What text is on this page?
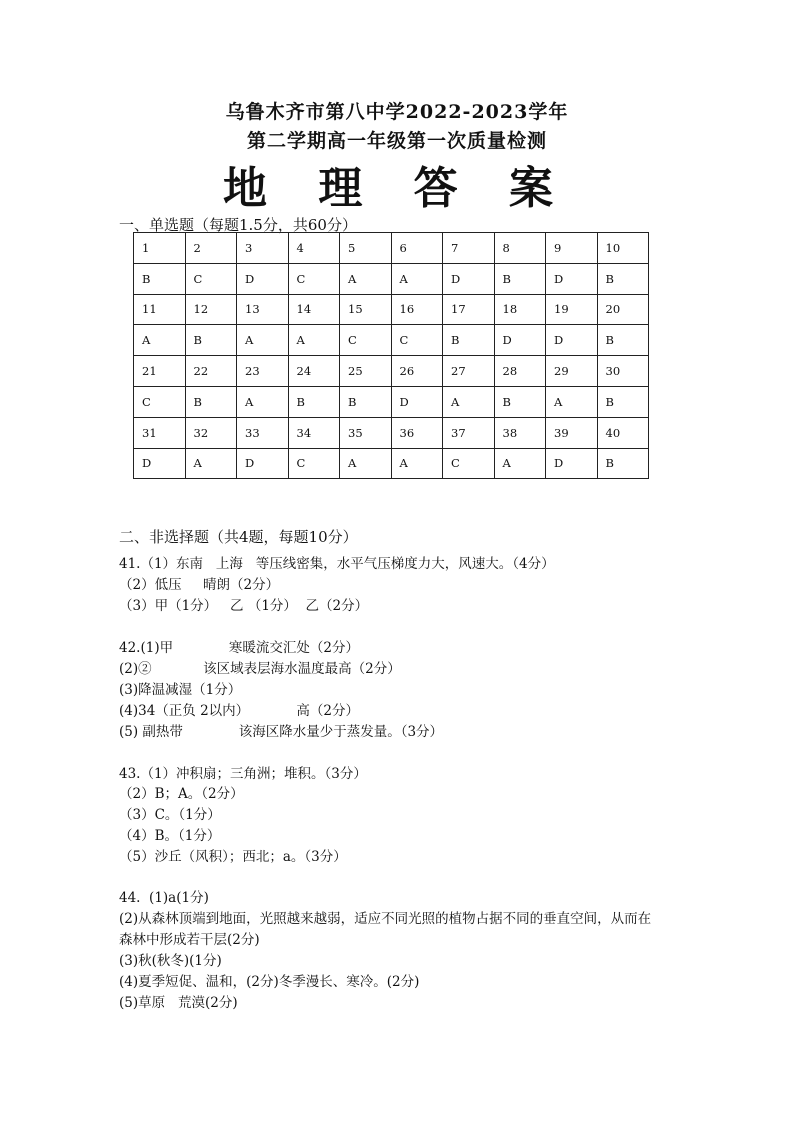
乌鲁木齐市第八中学2022-2023学年
第二学期高一年级第一次质量检测
地 理 答 案
一、单选题（每题1.5分，共60分）
1	2	3	4	5	6	7	8	9	10
B	C	D	C	A	A	D	B	D	B
11	12	13	14	15	16	17	18	19	20
A	B	A	A	C	C	B	D	D	B
21	22	23	24	25	26	27	28	29	30
C	B	A	B	B	D	A	B	A	B
31	32	33	34	35	36	37	38	39	40
D	A	D	C	A	A	C	A	D	B
二、非选择题（共4题，每题10分）
41.（1）东南   上海   等压线密集，水平气压梯度力大，风速大。（4分）
（2）低压     晴朗（2分）
（3）甲（1分）   乙 （1分）  乙（2分）
42.(1)甲             寒暖流交汇处（2分）
(2)②            该区域表层海水温度最高（2分）
(3)降温减湿（1分）
(4)34（正负 2以内）           高（2分）
(5) 副热带             该海区降水量少于蒸发量。（3分）
43.（1）冲积扇；三角洲；堆积。（3分）
（2）B；A。（2分）
（3）C。（1分）
（4）B。（1分）
（5）沙丘（风积）；西北；a。（3分）
44.  (1)a(1分)
(2)从森林顶端到地面，光照越来越弱，适应不同光照的植物占据不同的垂直空间，从而在
森林中形成若干层(2分)
(3)秋(秋冬)(1分)
(4)夏季短促、温和，(2分)冬季漫长、寒冷。(2分)
(5)草原   荒漠(2分)
